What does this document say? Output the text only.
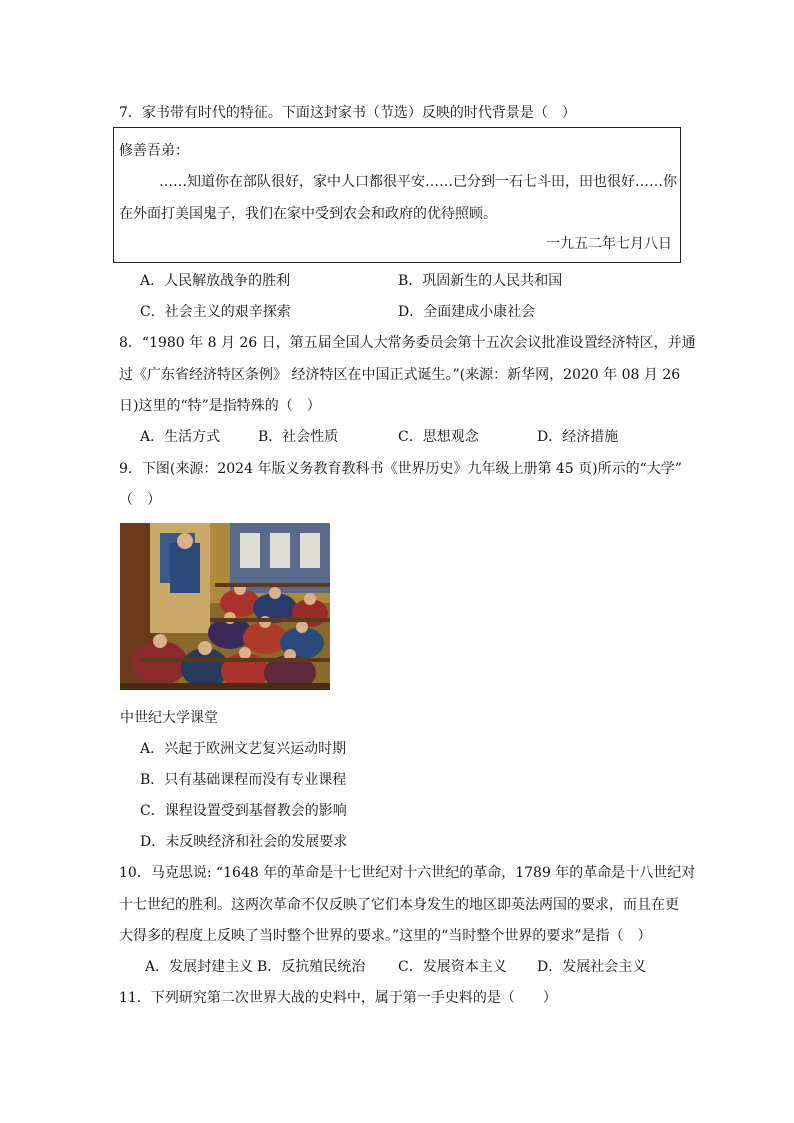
7．家书带有时代的特征。下面这封家书（节选）反映的时代背景是（　）
修善吾弟：
……知道你在部队很好，家中人口都很平安……已分到一石七斗田，田也很好……你
在外面打美国鬼子，我们在家中受到农会和政府的优待照顾。
一九五二年七月八日
A．人民解放战争的胜利	B．巩固新生的人民共和国
C．社会主义的艰辛探索	D．全面建成小康社会
8．“1980 年 8 月 26 日，第五届全国人大常务委员会第十五次会议批准设置经济特区，并通
过《广东省经济特区条例》 经济特区在中国正式诞生。”(来源：新华网，2020 年 08 月 26
日)这里的“特”是指特殊的（　）
A．生活方式	B．社会性质	C．思想观念	D．经济措施
9．下图(来源：2024 年版义务教育教科书《世界历史》九年级上册第 45 页)所示的“大学”
（　）
中世纪大学课堂
A．兴起于欧洲文艺复兴运动时期
B．只有基础课程而没有专业课程
C．课程设置受到基督教会的影响
D．未反映经济和社会的发展要求
10．马克思说: “1648 年的革命是十七世纪对十六世纪的革命，1789 年的革命是十八世纪对
十七世纪的胜利。这两次革命不仅反映了它们本身发生的地区即英法两国的要求，而且在更
大得多的程度上反映了当时整个世界的要求。”这里的“当时整个世界的要求”是指（　）
A．发展封建主义 B．反抗殖民统治 C．发展资本主义 D．发展社会主义
11．下列研究第二次世界大战的史料中，属于第一手史料的是（　　）
